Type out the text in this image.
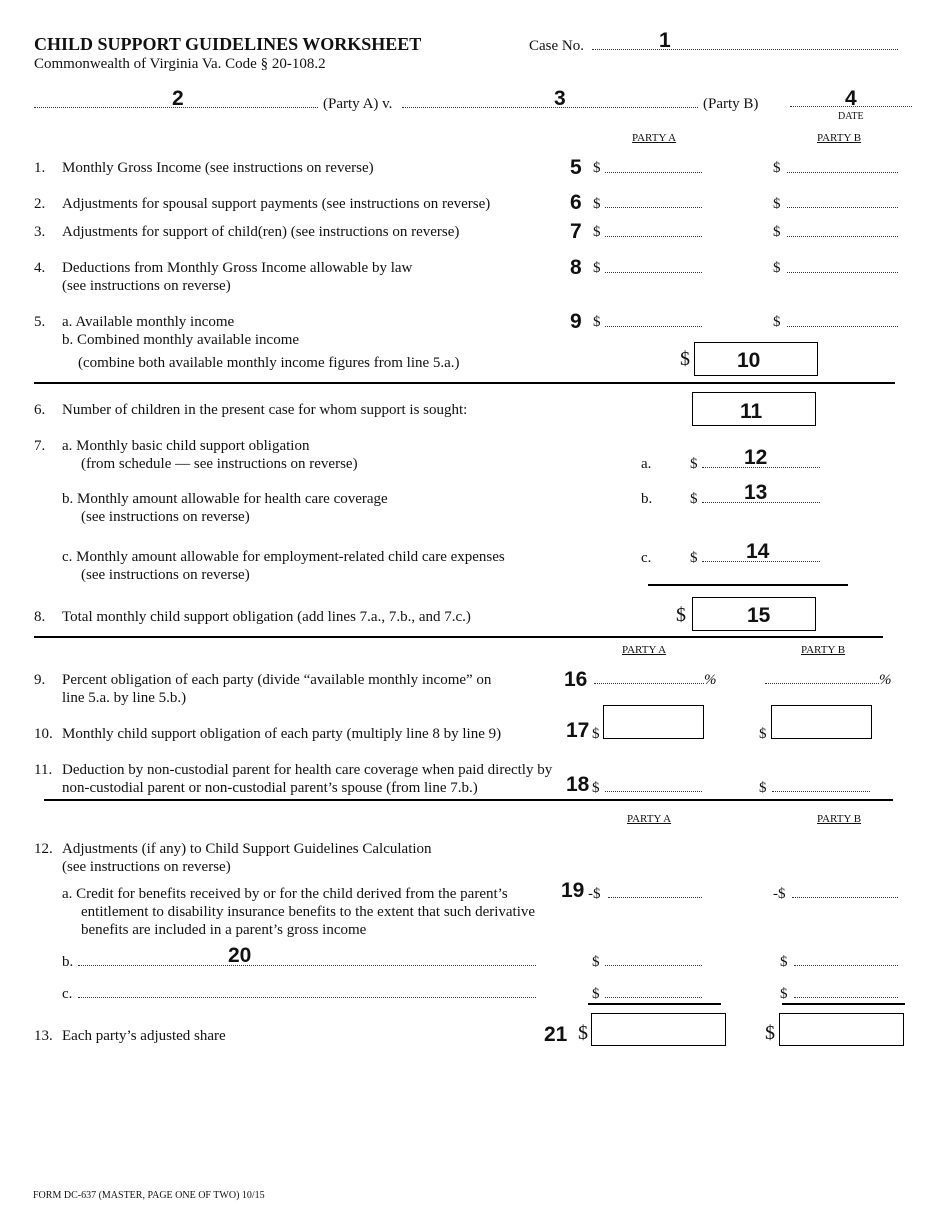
CHILD SUPPORT GUIDELINES WORKSHEET
Commonwealth of Virginia Va. Code § 20-108.2
Case No.	1
2	(Party A) v.	3	(Party B)	4
DATE
PARTY A	PARTY B
1. Monthly Gross Income (see instructions on reverse)	5 $	$
2. Adjustments for spousal support payments (see instructions on reverse)	6 $	$
3. Adjustments for support of child(ren) (see instructions on reverse)	7 $	$
4. Deductions from Monthly Gross Income allowable by law
(see instructions on reverse)
8 $	$
5. a. Available monthly income
b. Combined monthly available income
(combine both available monthly income figures from line 5.a.)
9 $	$
$ 10
6. Number of children in the present case for whom support is sought:	11
7. a. Monthly basic child support obligation
(from schedule — see instructions on reverse)	a.	$ 12
b. Monthly amount allowable for health care coverage
(see instructions on reverse)
b.	$ 13
c. Monthly amount allowable for employment-related child care expenses
(see instructions on reverse)
c.	$ 14
8. Total monthly child support obligation (add lines 7.a., 7.b., and 7.c.)	$	15
PARTY A	PARTY B
9. Percent obligation of each party (divide “available monthly income” on
line 5.a. by line 5.b.)
16	%	%
10. Monthly child support obligation of each party (multiply line 8 by line 9)	17 $	$
11. Deduction by non-custodial parent for health care coverage when paid directly by
non-custodial parent or non-custodial parent’s spouse (from line 7.b.)	18 $	$
PARTY A	PARTY B
12. Adjustments (if any) to Child Support Guidelines Calculation
(see instructions on reverse)
a. Credit for benefits received by or for the child derived from the parent’s
entitlement to disability insurance benefits to the extent that such derivative
benefits are included in a parent’s gross income
19 -$	-$
b.	20	$	$
c.	$	$
13. Each party’s adjusted share	21 $	$
FORM DC-637 (MASTER, PAGE ONE OF TWO) 10/15
